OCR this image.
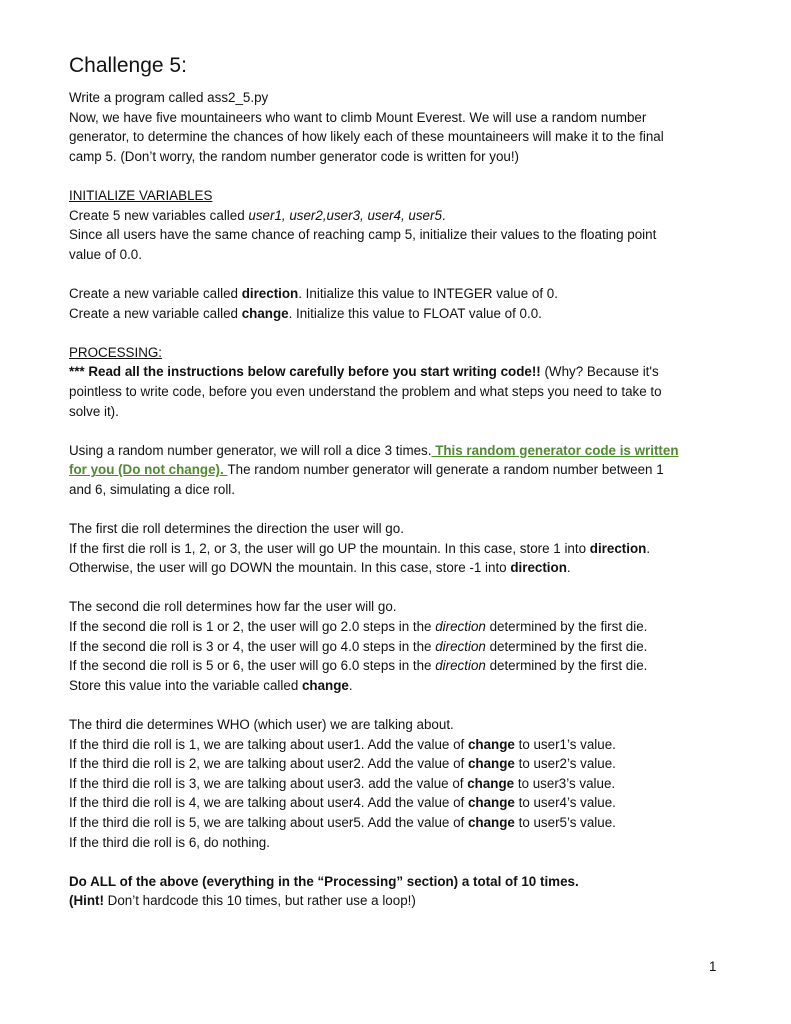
Challenge 5:

Write a program called ass2_5.py

Now, we have five mountaineers who want to climb Mount Everest. We will use a random number

generator, to determine the chances of how likely each of these mountaineers will make it to the final

camp 5. (Don’t worry, the random number generator code is written for you!)

INITIALIZE VARIABLES

Create 5 new variables called user1, user2,user3, user4, user5.

Since all users have the same chance of reaching camp 5, initialize their values to the floating point

value of 0.0.

Create a new variable called direction. Initialize this value to INTEGER value of 0.

Create a new variable called change. Initialize this value to FLOAT value of 0.0.

PROCESSING:

*** Read all the instructions below carefully before you start writing code!! (Why? Because it's

pointless to write code, before you even understand the problem and what steps you need to take to

solve it).

Using a random number generator, we will roll a dice 3 times. This random generator code is written

for you (Do not change). The random number generator will generate a random number between 1

and 6, simulating a dice roll.

The first die roll determines the direction the user will go.

If the first die roll is 1, 2, or 3, the user will go UP the mountain. In this case, store 1 into direction.

Otherwise, the user will go DOWN the mountain. In this case, store -1 into direction.

The second die roll determines how far the user will go.

If the second die roll is 1 or 2, the user will go 2.0 steps in the direction determined by the first die.

If the second die roll is 3 or 4, the user will go 4.0 steps in the direction determined by the first die.

If the second die roll is 5 or 6, the user will go 6.0 steps in the direction determined by the first die.

Store this value into the variable called change.

The third die determines WHO (which user) we are talking about.

If the third die roll is 1, we are talking about user1. Add the value of change to user1’s value.

If the third die roll is 2, we are talking about user2. Add the value of change to user2’s value.

If the third die roll is 3, we are talking about user3. add the value of change to user3’s value.

If the third die roll is 4, we are talking about user4. Add the value of change to user4’s value.

If the third die roll is 5, we are talking about user5. Add the value of change to user5’s value.

If the third die roll is 6, do nothing.

Do ALL of the above (everything in the “Processing” section) a total of 10 times.

(Hint! Don’t hardcode this 10 times, but rather use a loop!)

1
